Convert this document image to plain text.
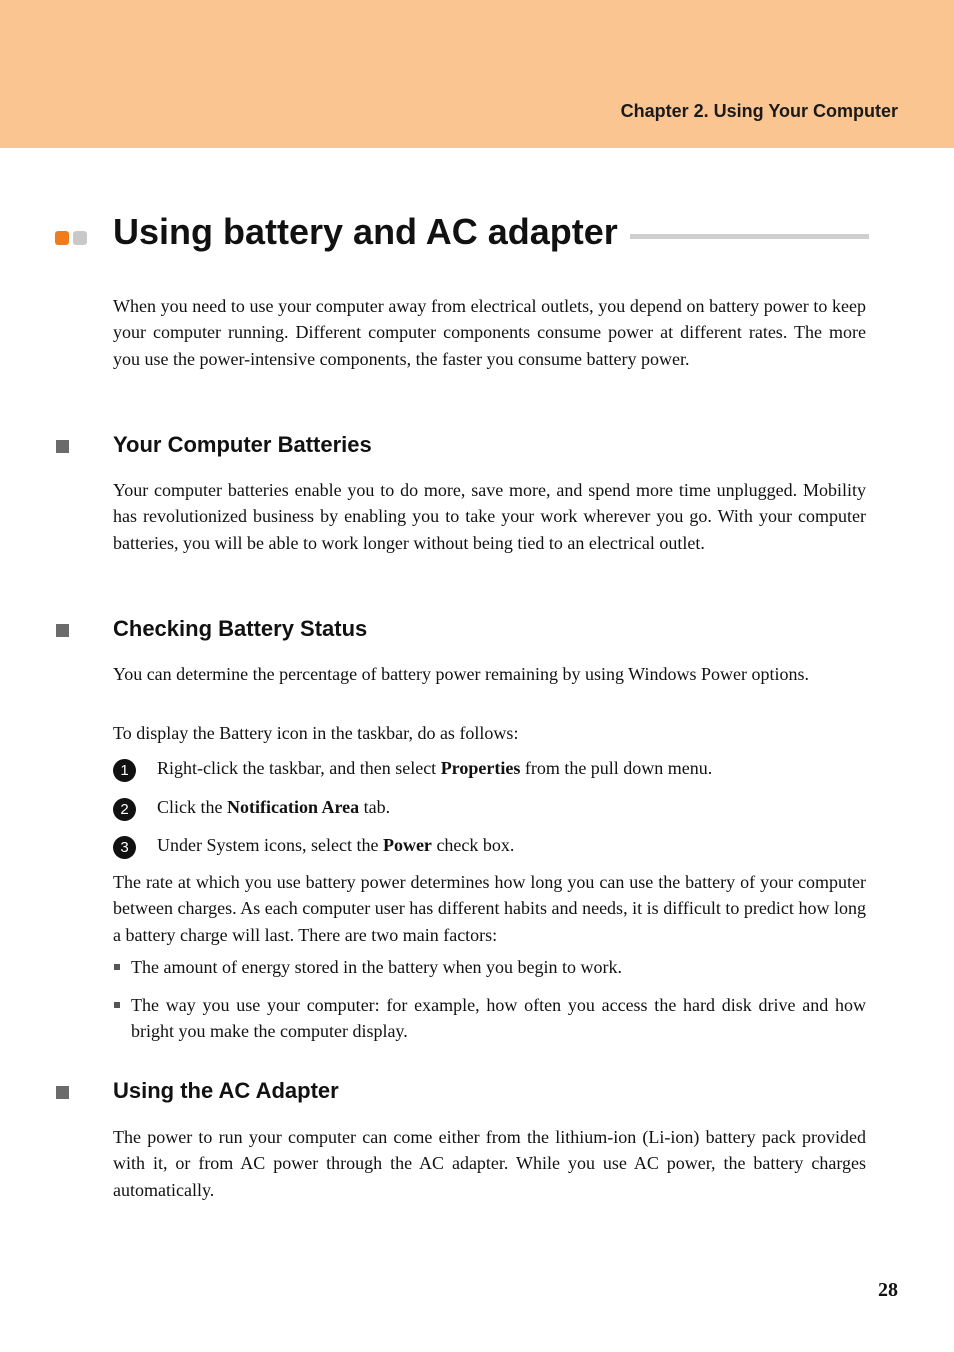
Chapter 2. Using Your Computer
Using battery and AC adapter

When you need to use your computer away from electrical outlets, you depend on battery power to keep your computer running. Different computer components consume power at different rates. The more you use the power-intensive components, the faster you consume battery power.

Your Computer Batteries

Your computer batteries enable you to do more, save more, and spend more time unplugged. Mobility has revolutionized business by enabling you to take your work wherever you go. With your computer batteries, you will be able to work longer without being tied to an electrical outlet.

Checking Battery Status

You can determine the percentage of battery power remaining by using Windows Power options.

To display the Battery icon in the taskbar, do as follows:

1	Right-click the taskbar, and then select Properties from the pull down menu.

2	Click the Notification Area tab.

3	Under System icons, select the Power check box.

The rate at which you use battery power determines how long you can use the battery of your computer between charges. As each computer user has different habits and needs, it is difficult to predict how long a battery charge will last. There are two main factors:

The amount of energy stored in the battery when you begin to work.

The way you use your computer: for example, how often you access the hard disk drive and how bright you make the computer display.

Using the AC Adapter

The power to run your computer can come either from the lithium-ion (Li-ion) battery pack provided with it, or from AC power through the AC adapter. While you use AC power, the battery charges automatically.

28
